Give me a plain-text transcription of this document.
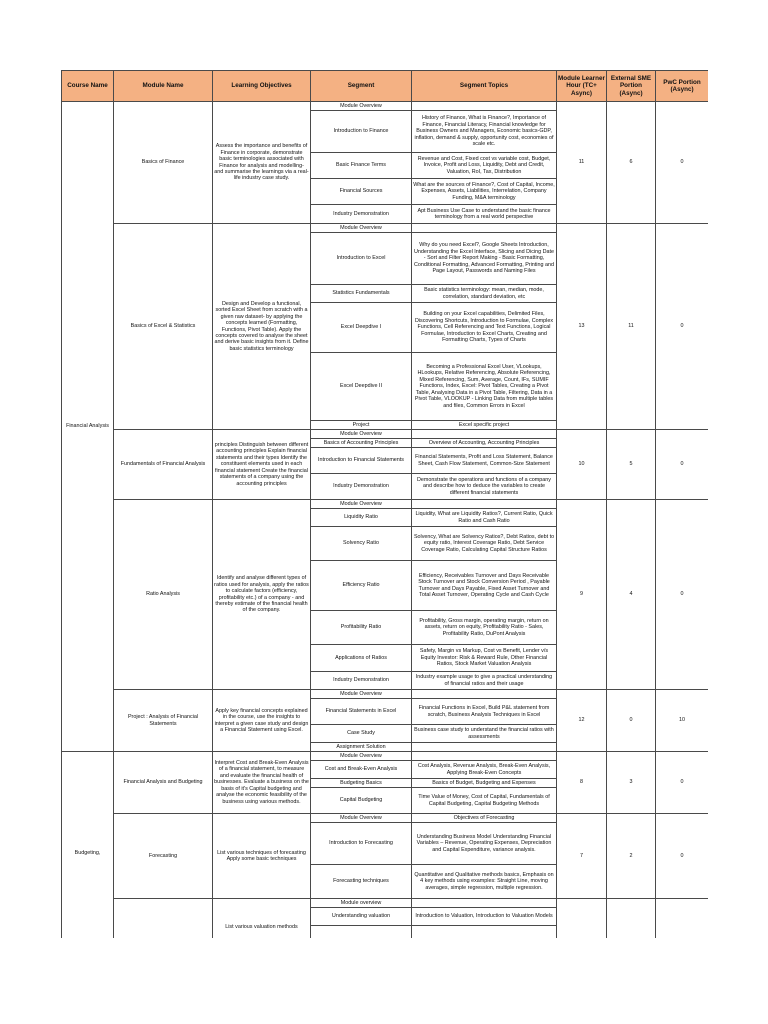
Course Name	Module Name	Learning Objectives	Segment	Segment Topics	Module Learner Hour (TC+ Async)	External SME Portion (Async)	PwC Portion (Async)
Financial Analysis	Basics of Finance	Assess the importance and benefits of Finance in corporate, demonstrate basic terminologies associated with Finance for analysis and modelling- and summarise the learnings via a real-life industry case study.	Module Overview		11	6	0
			Introduction to Finance	History of Finance, What is Finance?, Importance of Finance, Financial Literacy, Financial knowledge for Business Owners and Managers, Economic basics-GDP, inflation, demand & supply, opportunity cost, economies of scale etc.			
			Basic Finance Terms	Revenue and Cost, Fixed cost vs variable cost, Budget, Invoice, Profit and Loss, Liquidity, Debt and Credit, Valuation, RoI, Tax, Distribution			
			Financial Sources	What are the sources of Finance?, Cost of Capital, Income, Expenses, Assets, Liabilities, Interrelation, Company Funding, M&A terminology			
			Industry Demonstration	Apt Business Use Case to understand the basic finance terminology from a real world perspective			
	Basics of Excel & Statistics	Design and Develop a functional, sorted Excel Sheet from scratch with a given raw dataset- by applying the concepts learned (Formatting, Functions, Pivot Table). Apply the concepts covered to analyse the sheet and derive basic insights from it. Define basic statistics terminology	Module Overview		13	11	0
			Introduction to Excel	Why do you need Excel?, Google Sheets Introduction, Understanding the Excel Interface, Slicing and Dicing Date - Sort and Filter Report Making - Basic Formatting, Conditional Formatting, Advanced Formatting, Printing and Page Layout, Passwords and Naming Files			
			Statistics Fundamentals	Basic statistics terminology: mean, median, mode, correlation, standard deviation, etc			
			Excel Deepdive I	Building on your Excel capabilities, Delimited Files, Discovering Shortcuts, Introduction to Formulae, Complex Functions, Cell Referencing and Text Functions, Logical Formulae, Introduction to Excel Charts, Creating and Formatting Charts, Types of Charts			
			Excel Deepdive II	Becoming a Professional Excel User, VLookups, HLookups, Relative Referencing, Absolute Referencing, Mixed Referencing, Sum, Average, Count, IFs, SUMIF Functions, Index, Excel: Pivot Tables, Creating a Pivot Table, Analysing Data in a Pivot Table, Filtering, Data in a Pivot Table, VLOOKUP - Linking Data from multiple tables and files, Common Errors in Excel			
			Project	Excel specific project			
	Fundamentals of Financial Analysis	principles Distinguish between different accounting principles Explain financial statements and their types Identify the constituent elements used in each financial statement Create the financial statements of a company using the accounting principles	Module Overview		10	5	0
			Basics of Accounting Principles	Overview of Accounting, Accounting Principles			
			Introduction to Financial Statements	Financial Statements, Profit and Loss Statement, Balance Sheet, Cash Flow Statement, Common-Size Statement			
			Industry Demonstration	Demonstrate the operations and functions of a company and describe how to deduce the variables to create different financial statements			
	Ratio Analysis	Identify and analyse different types of ratios used for analysis, apply the ratios to calculate factors (efficiency, profitability etc.) of a company - and thereby estimate of the financial health of the company.	Module Overview		9	4	0
			Liquidity Ratio	Liquidity, What are Liquidity Ratios?, Current Ratio, Quick Ratio and Cash Ratio			
			Solvency Ratio	Solvency, What are Solvency Ratios?, Debt Ratios, debt to equity ratio, Interest Coverage Ratio, Debt Service Coverage Ratio, Calculating Capital Structure Ratios			
			Efficiency Ratio	Efficiency, Receivables Turnover and Days Receivable Stock Turnover and Stock Conversion Period , Payable Turnover and Days Payable, Fixed Asset Turnover and Total Asset Turnover, Operating Cycle and Cash Cycle			
			Profitability Ratio	Profitability, Gross margin, operating margin, return on assets, return on equity, Profitability Ratio - Sales, Profitability Ratio, DuPont Analysis			
			Applications of Ratios	Safety, Margin vs Markup, Cost vs Benefit, Lender v/s Equity Investor: Risk & Reward Rule, Other Financial Ratios, Stock Market Valuation Analysis			
			Industry Demonstration	Industry example usage to give a practical understanding of financial ratios and their usage			
	Project : Analysis of Financial Statements	Apply key financial concepts explained in the course, use the insights to interpret a given case study and design a Financial Statement using Excel.	Module Overview		12	0	10
			Financial Statements in Excel	Financial Functions in Excel, Build P&L statement from scratch, Business Analysis Techniques in Excel			
			Case Study	Business case study to understand the financial ratios with assessments			
			Assignment Solution				
Budgeting,	Financial Analysis and Budgeting	Interpret Cost and Break-Even Analysis of a financial statement, to measure and evaluate the financial health of businesses. Evaluate a business on the basis of it's Capital budgeting and analyse the economic feasibility of the business using various methods.	Module Overview		8	3	0
			Cost and Break-Even Analysis	Cost Analysis, Revenue Analysis, Break-Even Analysis, Applying Break-Even Concepts			
			Budgeting Basics	Basics of Budget, Budgeting and Expenses			
			Capital Budgeting	Time Value of Money, Cost of Capital, Fundamentals of Capital Budgeting, Capital Budgeting Methods			
	Forecasting	List various techniques of forecasting Apply some basic techniques	Module Overview	Objectives of Forecasting	7	2	0
			Introduction to Forecasting	Understanding Business Model Understanding Financial Variables – Revenue, Operating Expenses, Depreciation and Capital Expenditure, variance analysis.			
			Forecasting techniques	Quantitative and Qualitative methods basics, Emphasis on 4 key methods using examples: Straight Line, moving averages, simple regression, multiple regression.			
		List various valuation methods	Module overview				
			Understanding valuation	Introduction to Valuation, Introduction to Valuation Models			
